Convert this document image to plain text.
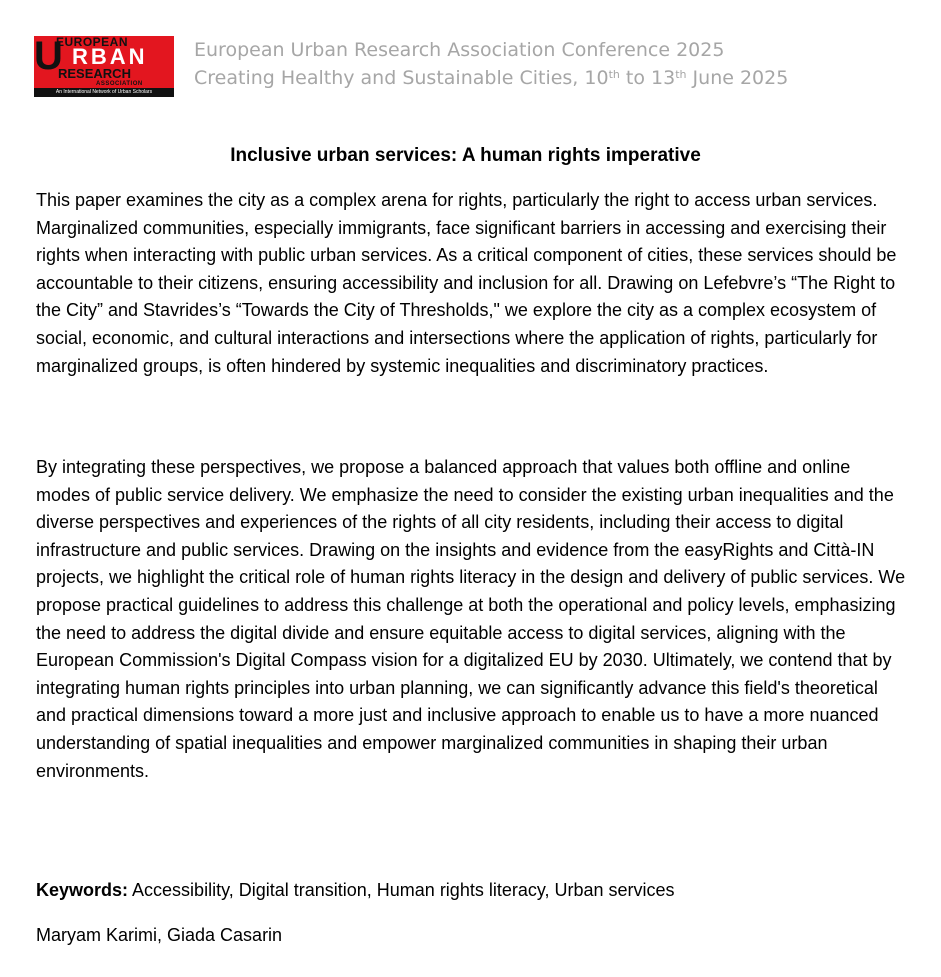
U
EUROPEAN
RBAN
RESEARCH
ASSOCIATION
An International Network of Urban Scholars
European Urban Research Association Conference 2025
Creating Healthy and Sustainable Cities, 10th to 13th June 2025
Inclusive urban services: A human rights imperative

This paper examines the city as a complex arena for rights, particularly the right to access urban services. Marginalized communities, especially immigrants, face significant barriers in accessing and exercising their rights when interacting with public urban services. As a critical component of cities, these services should be accountable to their citizens, ensuring accessibility and inclusion for all. Drawing on Lefebvre’s “The Right to the City” and Stavrides’s “Towards the City of Thresholds," we explore the city as a complex ecosystem of social, economic, and cultural interactions and intersections where the application of rights, particularly for marginalized groups, is often hindered by systemic inequalities and discriminatory practices.

By integrating these perspectives, we propose a balanced approach that values both offline and online modes of public service delivery. We emphasize the need to consider the existing urban inequalities and the diverse perspectives and experiences of the rights of all city residents, including their access to digital infrastructure and public services. Drawing on the insights and evidence from the easyRights and Città-IN projects, we highlight the critical role of human rights literacy in the design and delivery of public services. We propose practical guidelines to address this challenge at both the operational and policy levels, emphasizing the need to address the digital divide and ensure equitable access to digital services, aligning with the European Commission's Digital Compass vision for a digitalized EU by 2030. Ultimately, we contend that by integrating human rights principles into urban planning, we can significantly advance this field's theoretical and practical dimensions toward a more just and inclusive approach to enable us to have a more nuanced understanding of spatial inequalities and empower marginalized communities in shaping their urban environments.

Keywords: Accessibility, Digital transition, Human rights literacy, Urban services
Maryam Karimi, Giada Casarin
